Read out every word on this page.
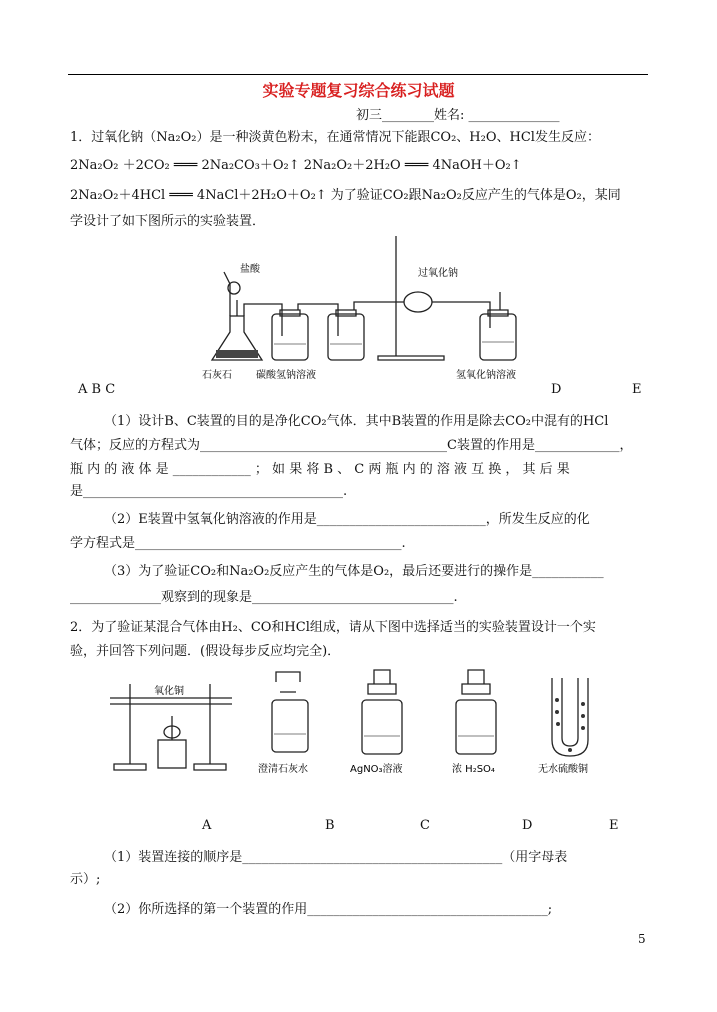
实验专题复习综合练习试题
初三________姓名: ______________
1．过氧化钠（Na₂O₂）是一种淡黄色粉末，在通常情况下能跟CO₂、H₂O、HCl发生反应：
2Na₂O₂ ＋2CO₂ ═══ 2Na₂CO₃＋O₂↑ 2Na₂O₂＋2H₂O ═══ 4NaOH＋O₂↑
2Na₂O₂＋4HCl ═══ 4NaCl＋2H₂O＋O₂↑ 为了验证CO₂跟Na₂O₂反应产生的气体是O₂，某同
学设计了如下图所示的实验装置．
盐酸	过氧化钠
石灰石 碳酸氢钠溶液	氢氧化钠溶液
A B C	D	E
（1）设计B、C装置的目的是净化CO₂气体．其中B装置的作用是除去CO₂中混有的HCl
气体；反应的方程式为______________________________________C装置的作用是_____________，
瓶 内 的 液 体 是 ____________ ； 如 果 将 B 、 C 两 瓶 内 的 溶 液 互 换 ， 其 后 果
是________________________________________.
（2）E装置中氢氧化钠溶液的作用是__________________________，所发生反应的化
学方程式是_________________________________________.
（3）为了验证CO₂和Na₂O₂反应产生的气体是O₂，最后还要进行的操作是___________
______________观察到的现象是_______________________________.
2．为了验证某混合气体由H₂、CO和HCl组成，请从下图中选择适当的实验装置设计一个实
验，并回答下列问题．(假设每步反应均完全)．
氧化铜
澄清石灰水	AgNO₃溶液	浓 H₂SO₄	无水硫酸铜
A	B	C	D	E
（1）装置连接的顺序是________________________________________（用字母表
示）;
（2）你所选择的第一个装置的作用_____________________________________;
5
